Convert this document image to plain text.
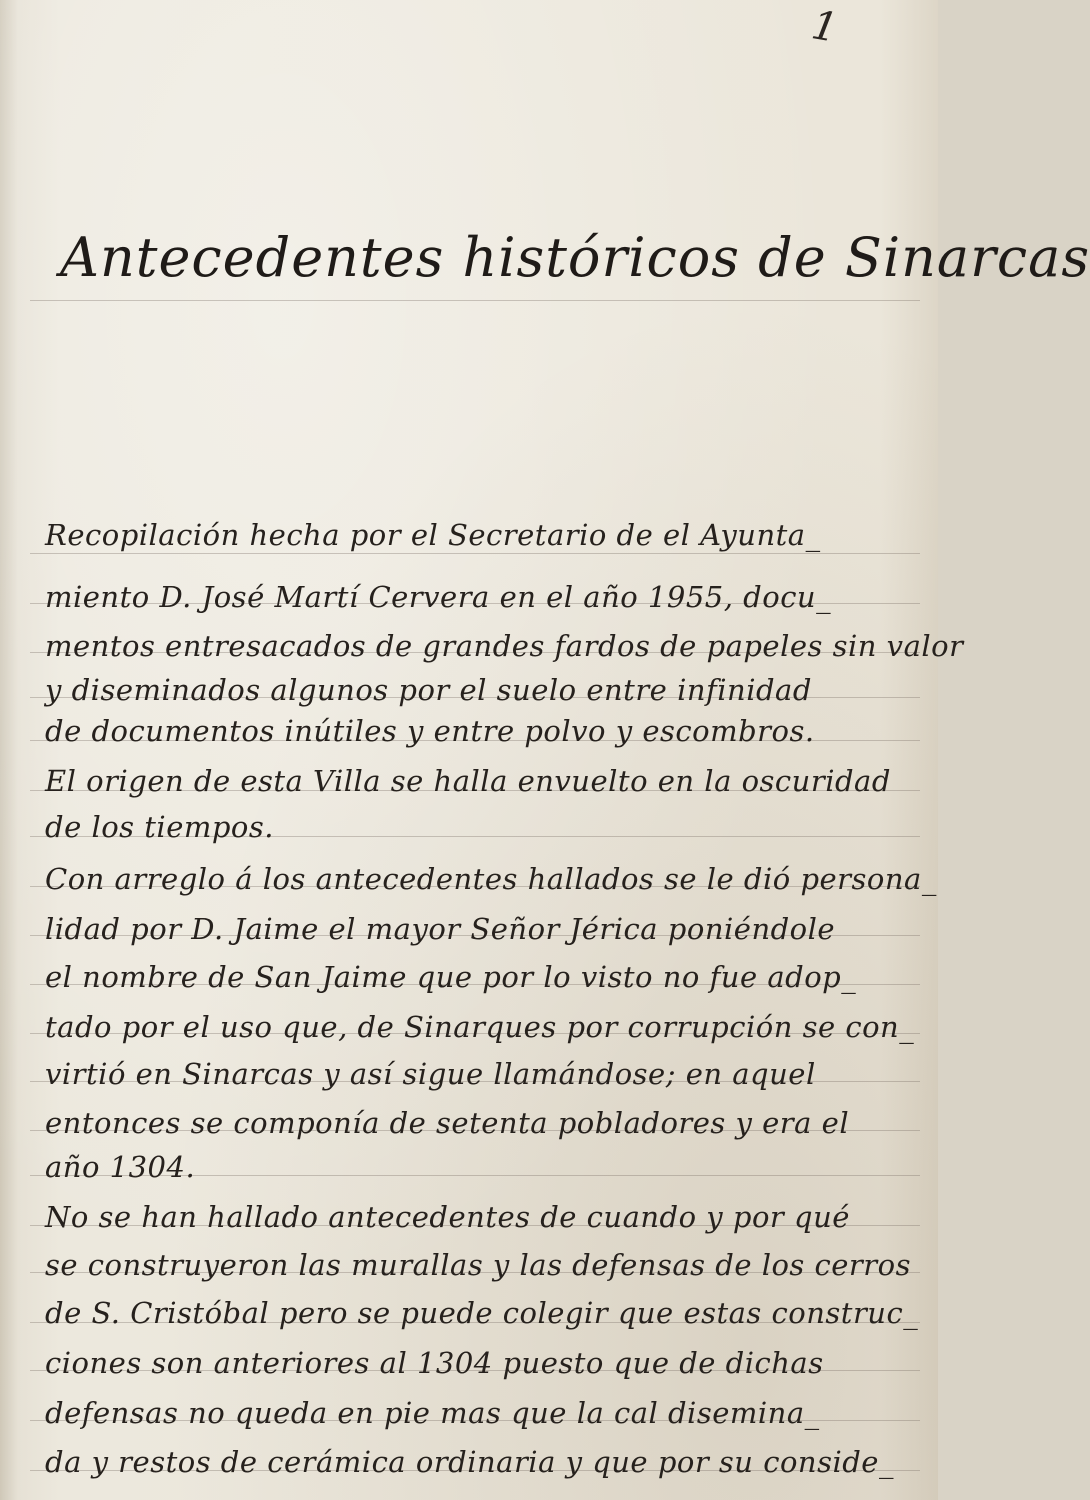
1
Antecedentes históricos de Sinarcas
Recopilación hecha por el Secretario de el Ayunta_
miento D. José Martí Cervera en el año 1955, docu_
mentos entresacados de grandes fardos de papeles sin valor
y diseminados algunos por el suelo entre infinidad
de documentos inútiles y entre polvo y escombros.
El origen de esta Villa se halla envuelto en la oscuridad
de los tiempos.
Con arreglo á los antecedentes hallados se le dió persona_
lidad por D. Jaime el mayor Señor Jérica poniéndole
el nombre de San Jaime que por lo visto no fue adop_
tado por el uso que, de Sinarques por corrupción se con_
virtió en Sinarcas y así sigue llamándose; en aquel
entonces se componía de setenta pobladores y era el
año 1304.
No se han hallado antecedentes de cuando y por qué
se construyeron las murallas y las defensas de los cerros
de S. Cristóbal pero se puede colegir que estas construc_
ciones son anteriores al 1304 puesto que de dichas
defensas no queda en pie mas que la cal disemina_
da y restos de cerámica ordinaria y que por su conside_
